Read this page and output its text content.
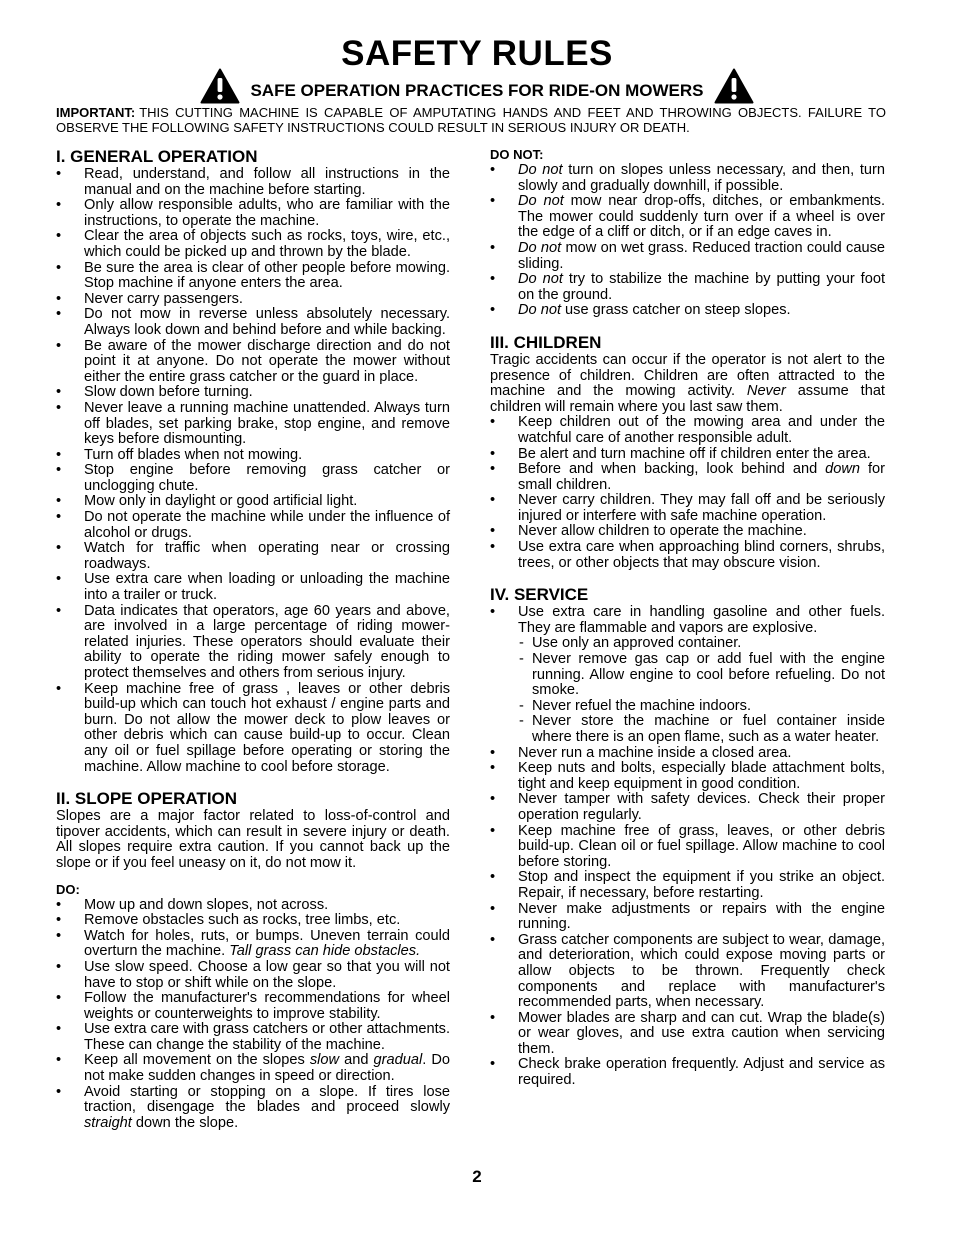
SAFETY RULES
SAFE OPERATION PRACTICES FOR RIDE-ON MOWERS
IMPORTANT: THIS CUTTING MACHINE IS CAPABLE OF AMPUTATING HANDS AND FEET AND THROWING OBJECTS. FAILURE TO OBSERVE THE FOLLOWING SAFETY INSTRUCTIONS COULD RESULT IN SERIOUS INJURY OR DEATH.
I. GENERAL OPERATION
• Read, understand, and follow all instructions in the manual and on the machine before starting.
• Only allow responsible adults, who are familiar with the instructions, to operate the machine.
• Clear the area of objects such as rocks, toys, wire, etc., which could be picked up and thrown by the blade.
• Be sure the area is clear of other people before mowing. Stop machine if anyone enters the area.
• Never carry passengers.
• Do not mow in reverse unless absolutely necessary. Always look down and behind before and while backing.
• Be aware of the mower discharge direction and do not point it at anyone. Do not operate the mower without either the entire grass catcher or the guard in place.
• Slow down before turning.
• Never leave a running machine unattended. Always turn off blades, set parking brake, stop engine, and remove keys before dismounting.
• Turn off blades when not mowing.
• Stop engine before removing grass catcher or unclogging chute.
• Mow only in daylight or good artificial light.
• Do not operate the machine while under the influence of alcohol or drugs.
• Watch for traffic when operating near or crossing roadways.
• Use extra care when loading or unloading the machine into a trailer or truck.
• Data indicates that operators, age 60 years and above, are involved in a large percentage of riding mower-related injuries. These operators should evaluate their ability to operate the riding mower safely enough to protect themselves and others from serious injury.
• Keep machine free of grass , leaves or other debris build-up which can touch hot exhaust / engine parts and burn. Do not allow the mower deck to plow leaves or other debris which can cause build-up to occur. Clean any oil or fuel spillage before operating or storing the machine. Allow machine to cool before storage.
II. SLOPE OPERATION

Slopes are a major factor related to loss-of-control and tipover accidents, which can result in severe injury or death. All slopes require extra caution. If you cannot back up the slope or if you feel uneasy on it, do not mow it.

DO:
• Mow up and down slopes, not across.
• Remove obstacles such as rocks, tree limbs, etc.
• Watch for holes, ruts, or bumps. Uneven terrain could overturn the machine. Tall grass can hide obstacles.
• Use slow speed. Choose a low gear so that you will not have to stop or shift while on the slope.
• Follow the manufacturer's recommendations for wheel weights or counterweights to improve stability.
• Use extra care with grass catchers or other attachments. These can change the stability of the machine.
• Keep all movement on the slopes slow and gradual. Do not make sudden changes in speed or direction.
• Avoid starting or stopping on a slope. If tires lose traction, disengage the blades and proceed slowly straight down the slope.
DO NOT:
• Do not turn on slopes unless necessary, and then, turn slowly and gradually downhill, if possible.
• Do not mow near drop-offs, ditches, or embankments. The mower could suddenly turn over if a wheel is over the edge of a cliff or ditch, or if an edge caves in.
• Do not mow on wet grass. Reduced traction could cause sliding.
• Do not try to stabilize the machine by putting your foot on the ground.
• Do not use grass catcher on steep slopes.
III. CHILDREN

Tragic accidents can occur if the operator is not alert to the presence of children. Children are often attracted to the machine and the mowing activity. Never assume that children will remain where you last saw them.

• Keep children out of the mowing area and under the watchful care of another responsible adult.
• Be alert and turn machine off if children enter the area.
• Before and when backing, look behind and down for small children.
• Never carry children. They may fall off and be seriously injured or interfere with safe machine operation.
• Never allow children to operate the machine.
• Use extra care when approaching blind corners, shrubs, trees, or other objects that may obscure vision.
IV. SERVICE
• Use extra care in handling gasoline and other fuels. They are flammable and vapors are explosive.
- Use only an approved container.
- Never remove gas cap or add fuel with the engine running. Allow engine to cool before refueling. Do not smoke.
- Never refuel the machine indoors.
- Never store the machine or fuel container inside where there is an open flame, such as a water heater.
• Never run a machine inside a closed area.
• Keep nuts and bolts, especially blade attachment bolts, tight and keep equipment in good condition.
• Never tamper with safety devices. Check their proper operation regularly.
• Keep machine free of grass, leaves, or other debris build-up. Clean oil or fuel spillage. Allow machine to cool before storing.
• Stop and inspect the equipment if you strike an object. Repair, if necessary, before restarting.
• Never make adjustments or repairs with the engine running.
• Grass catcher components are subject to wear, damage, and deterioration, which could expose moving parts or allow objects to be thrown. Frequently check components and replace with manufacturer's recommended parts, when necessary.
• Mower blades are sharp and can cut. Wrap the blade(s) or wear gloves, and use extra caution when servicing them.
• Check brake operation frequently. Adjust and service as required.
2
